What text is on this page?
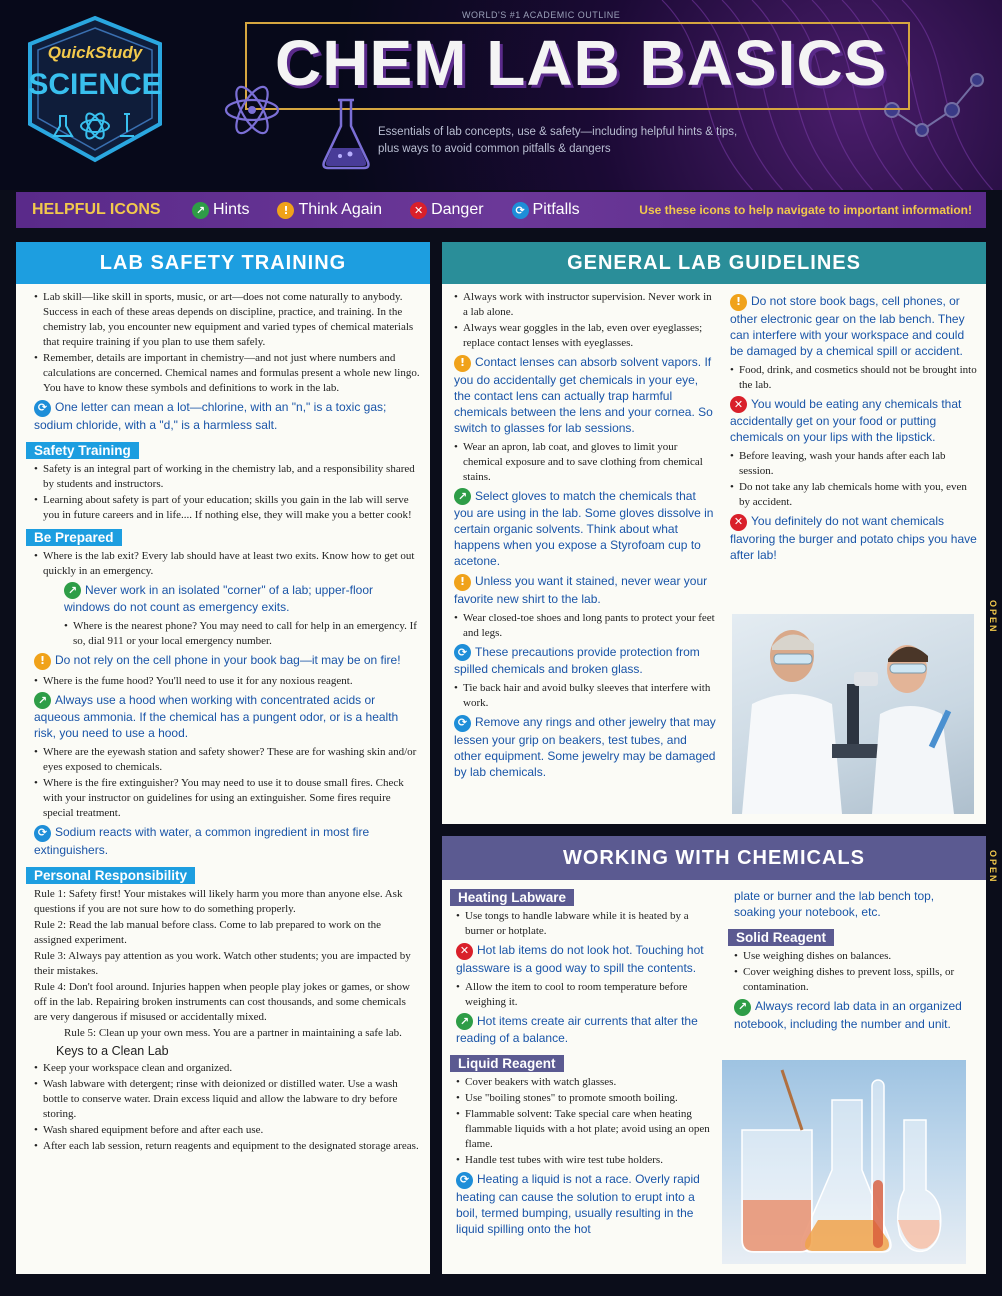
WORLD'S #1 ACADEMIC OUTLINE
QuickStudy
SCIENCE CHEM LAB BASICS
Essentials of lab concepts, use & safety—including helpful hints & tips, plus ways to avoid common pitfalls & dangers
HELPFUL ICONS	↗ Hints	! Think Again	✕ Danger	⟳ Pitfalls	Use these icons to help navigate to important information!
LAB SAFETY TRAINING
• Lab skill—like skill in sports, music, or art—does not come naturally to anybody. Success in each of these areas depends on discipline, practice, and training. In the chemistry lab, you encounter new equipment and varied types of chemical materials that require training if you plan to use them safely.
• Remember, details are important in chemistry—and not just where numbers and calculations are concerned. Chemical names and formulas present a whole new lingo. You have to know these symbols and definitions to work in the lab.
⟳ One letter can mean a lot—chlorine, with an "n," is a toxic gas; sodium chloride, with a "d," is a harmless salt.
Safety Training
• Safety is an integral part of working in the chemistry lab, and a responsibility shared by students and instructors.
• Learning about safety is part of your education; skills you gain in the lab will serve you in future careers and in life.... If nothing else, they will make you a better cook!
Be Prepared
• Where is the lab exit? Every lab should have at least two exits. Know how to get out quickly in an emergency.
↗ Never work in an isolated "corner" of a lab; upper-floor windows do not count as emergency exits.
• Where is the nearest phone? You may need to call for help in an emergency. If so, dial 911 or your local emergency number.
! Do not rely on the cell phone in your book bag—it may be on fire!
• Where is the fume hood? You'll need to use it for any noxious reagent.
↗ Always use a hood when working with concentrated acids or aqueous ammonia. If the chemical has a pungent odor, or is a health risk, you need to use a hood.
• Where are the eyewash station and safety shower? These are for washing skin and/or eyes exposed to chemicals.
• Where is the fire extinguisher? You may need to use it to douse small fires. Check with your instructor on guidelines for using an extinguisher. Some fires require special treatment.
⟳ Sodium reacts with water, a common ingredient in most fire extinguishers.
Personal Responsibility

Rule 1: Safety first! Your mistakes will likely harm you more than anyone else. Ask questions if you are not sure how to do something properly.

Rule 2: Read the lab manual before class. Come to lab prepared to work on the assigned experiment.

Rule 3: Always pay attention as you work. Watch other students; you are impacted by their mistakes.

Rule 4: Don't fool around. Injuries happen when people play jokes or games, or show off in the lab. Repairing broken instruments can cost thousands, and some chemicals are very dangerous if misused or accidentally mixed.

Rule 5: Clean up your own mess. You are a partner in maintaining a safe lab.

Keys to a Clean Lab
• Keep your workspace clean and organized.
• Wash labware with detergent; rinse with deionized or distilled water. Use a wash bottle to conserve water. Drain excess liquid and allow the labware to dry before storing.
• Wash shared equipment before and after each use.
• After each lab session, return reagents and equipment to the designated storage areas.
GENERAL LAB GUIDELINES
• Always work with instructor supervision. Never work in a lab alone.
• Always wear goggles in the lab, even over eyeglasses; replace contact lenses with eyeglasses.
! Contact lenses can absorb solvent vapors. If you do accidentally get chemicals in your eye, the contact lens can actually trap harmful chemicals between the lens and your cornea. So switch to glasses for lab sessions.
• Wear an apron, lab coat, and gloves to limit your chemical exposure and to save clothing from chemical stains.
↗ Select gloves to match the chemicals that you are using in the lab. Some gloves dissolve in certain organic solvents. Think about what happens when you expose a Styrofoam cup to acetone.
! Unless you want it stained, never wear your favorite new shirt to the lab.
• Wear closed-toe shoes and long pants to protect your feet and legs.
⟳ These precautions provide protection from spilled chemicals and broken glass.
• Tie back hair and avoid bulky sleeves that interfere with work.
⟳ Remove any rings and other jewelry that may lessen your grip on beakers, test tubes, and other equipment. Some jewelry may be damaged by lab chemicals.
! Do not store book bags, cell phones, or other electronic gear on the lab bench. They can interfere with your workspace and could be damaged by a chemical spill or accident.
• Food, drink, and cosmetics should not be brought into the lab.
✕ You would be eating any chemicals that accidentally get on your food or putting chemicals on your lips with the lipstick.
• Before leaving, wash your hands after each lab session.
• Do not take any lab chemicals home with you, even by accident.
✕ You definitely do not want chemicals flavoring the burger and potato chips you have after lab!
WORKING WITH CHEMICALS
Heating Labware
• Use tongs to handle labware while it is heated by a burner or hotplate.
✕ Hot lab items do not look hot. Touching hot glassware is a good way to spill the contents.
• Allow the item to cool to room temperature before weighing it.
↗ Hot items create air currents that alter the reading of a balance.
Liquid Reagent
• Cover beakers with watch glasses.
• Use "boiling stones" to promote smooth boiling.
• Flammable solvent: Take special care when heating flammable liquids with a hot plate; avoid using an open flame.
• Handle test tubes with wire test tube holders.
⟳ Heating a liquid is not a race. Overly rapid heating can cause the solution to erupt into a boil, termed bumping, usually resulting in the liquid spilling onto the hot
plate or burner and the lab bench top, soaking your notebook, etc.
Solid Reagent
• Use weighing dishes on balances.
• Cover weighing dishes to prevent loss, spills, or contamination.
↗ Always record lab data in an organized notebook, including the number and unit.
OPEN
OPEN
